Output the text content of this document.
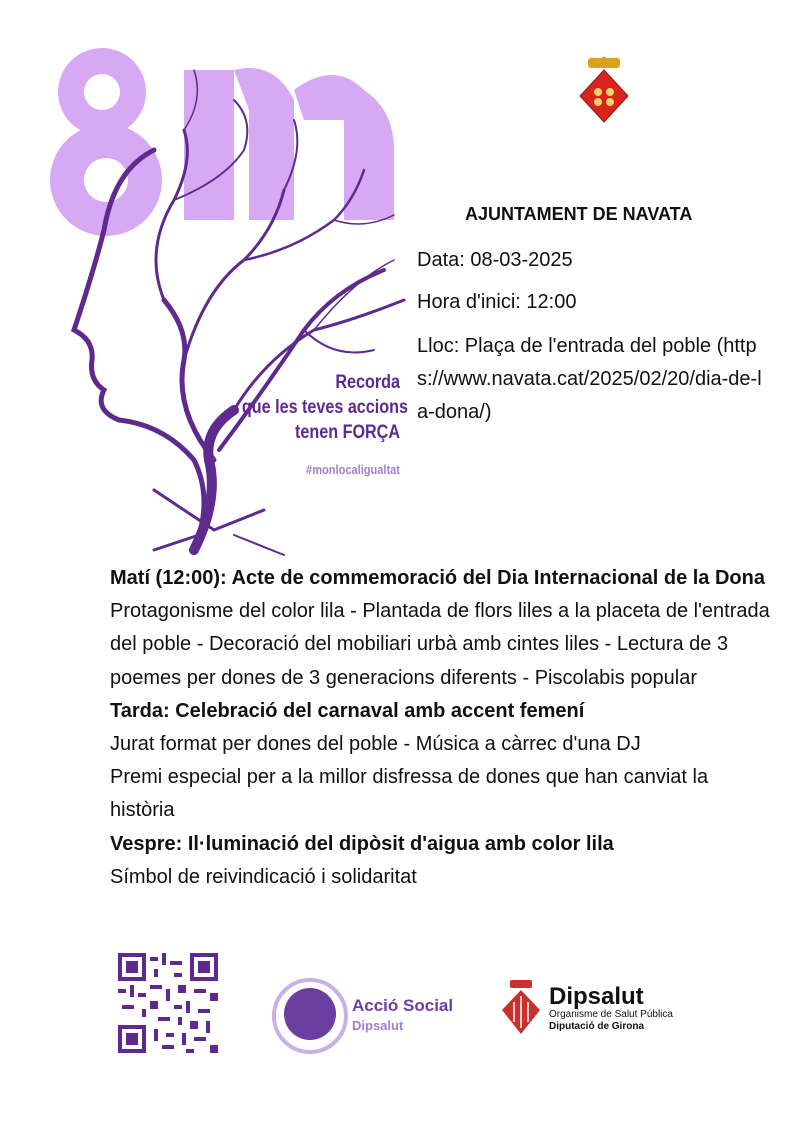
Recorda
que les teves accions
tenen FORÇA
#monlocaligualtat
AJUNTAMENT DE NAVATA
Data: 08-03-2025
Hora d'inici: 12:00
Lloc: Plaça de l'entrada del poble (https://www.navata.cat/2025/02/20/dia-de-la-dona/)
Matí (12:00): Acte de commemoració del Dia Internacional de la Dona
Protagonisme del color lila - Plantada de flors liles a la placeta de l'entrada del poble - Decoració del mobiliari urbà amb cintes liles - Lectura de 3 poemes per dones de 3 generacions diferents - Piscolabis popular
Tarda: Celebració del carnaval amb accent femení
Jurat format per dones del poble - Música a càrrec d'una DJ
Premi especial per a la millor disfressa de dones que han canviat la història
Vespre: Il·luminació del dipòsit d'aigua amb color lila
Símbol de reivindicació i solidaritat
Acció Social
Dipsalut
Dipsalut
Organisme de Salut Pública
Diputació de Girona
